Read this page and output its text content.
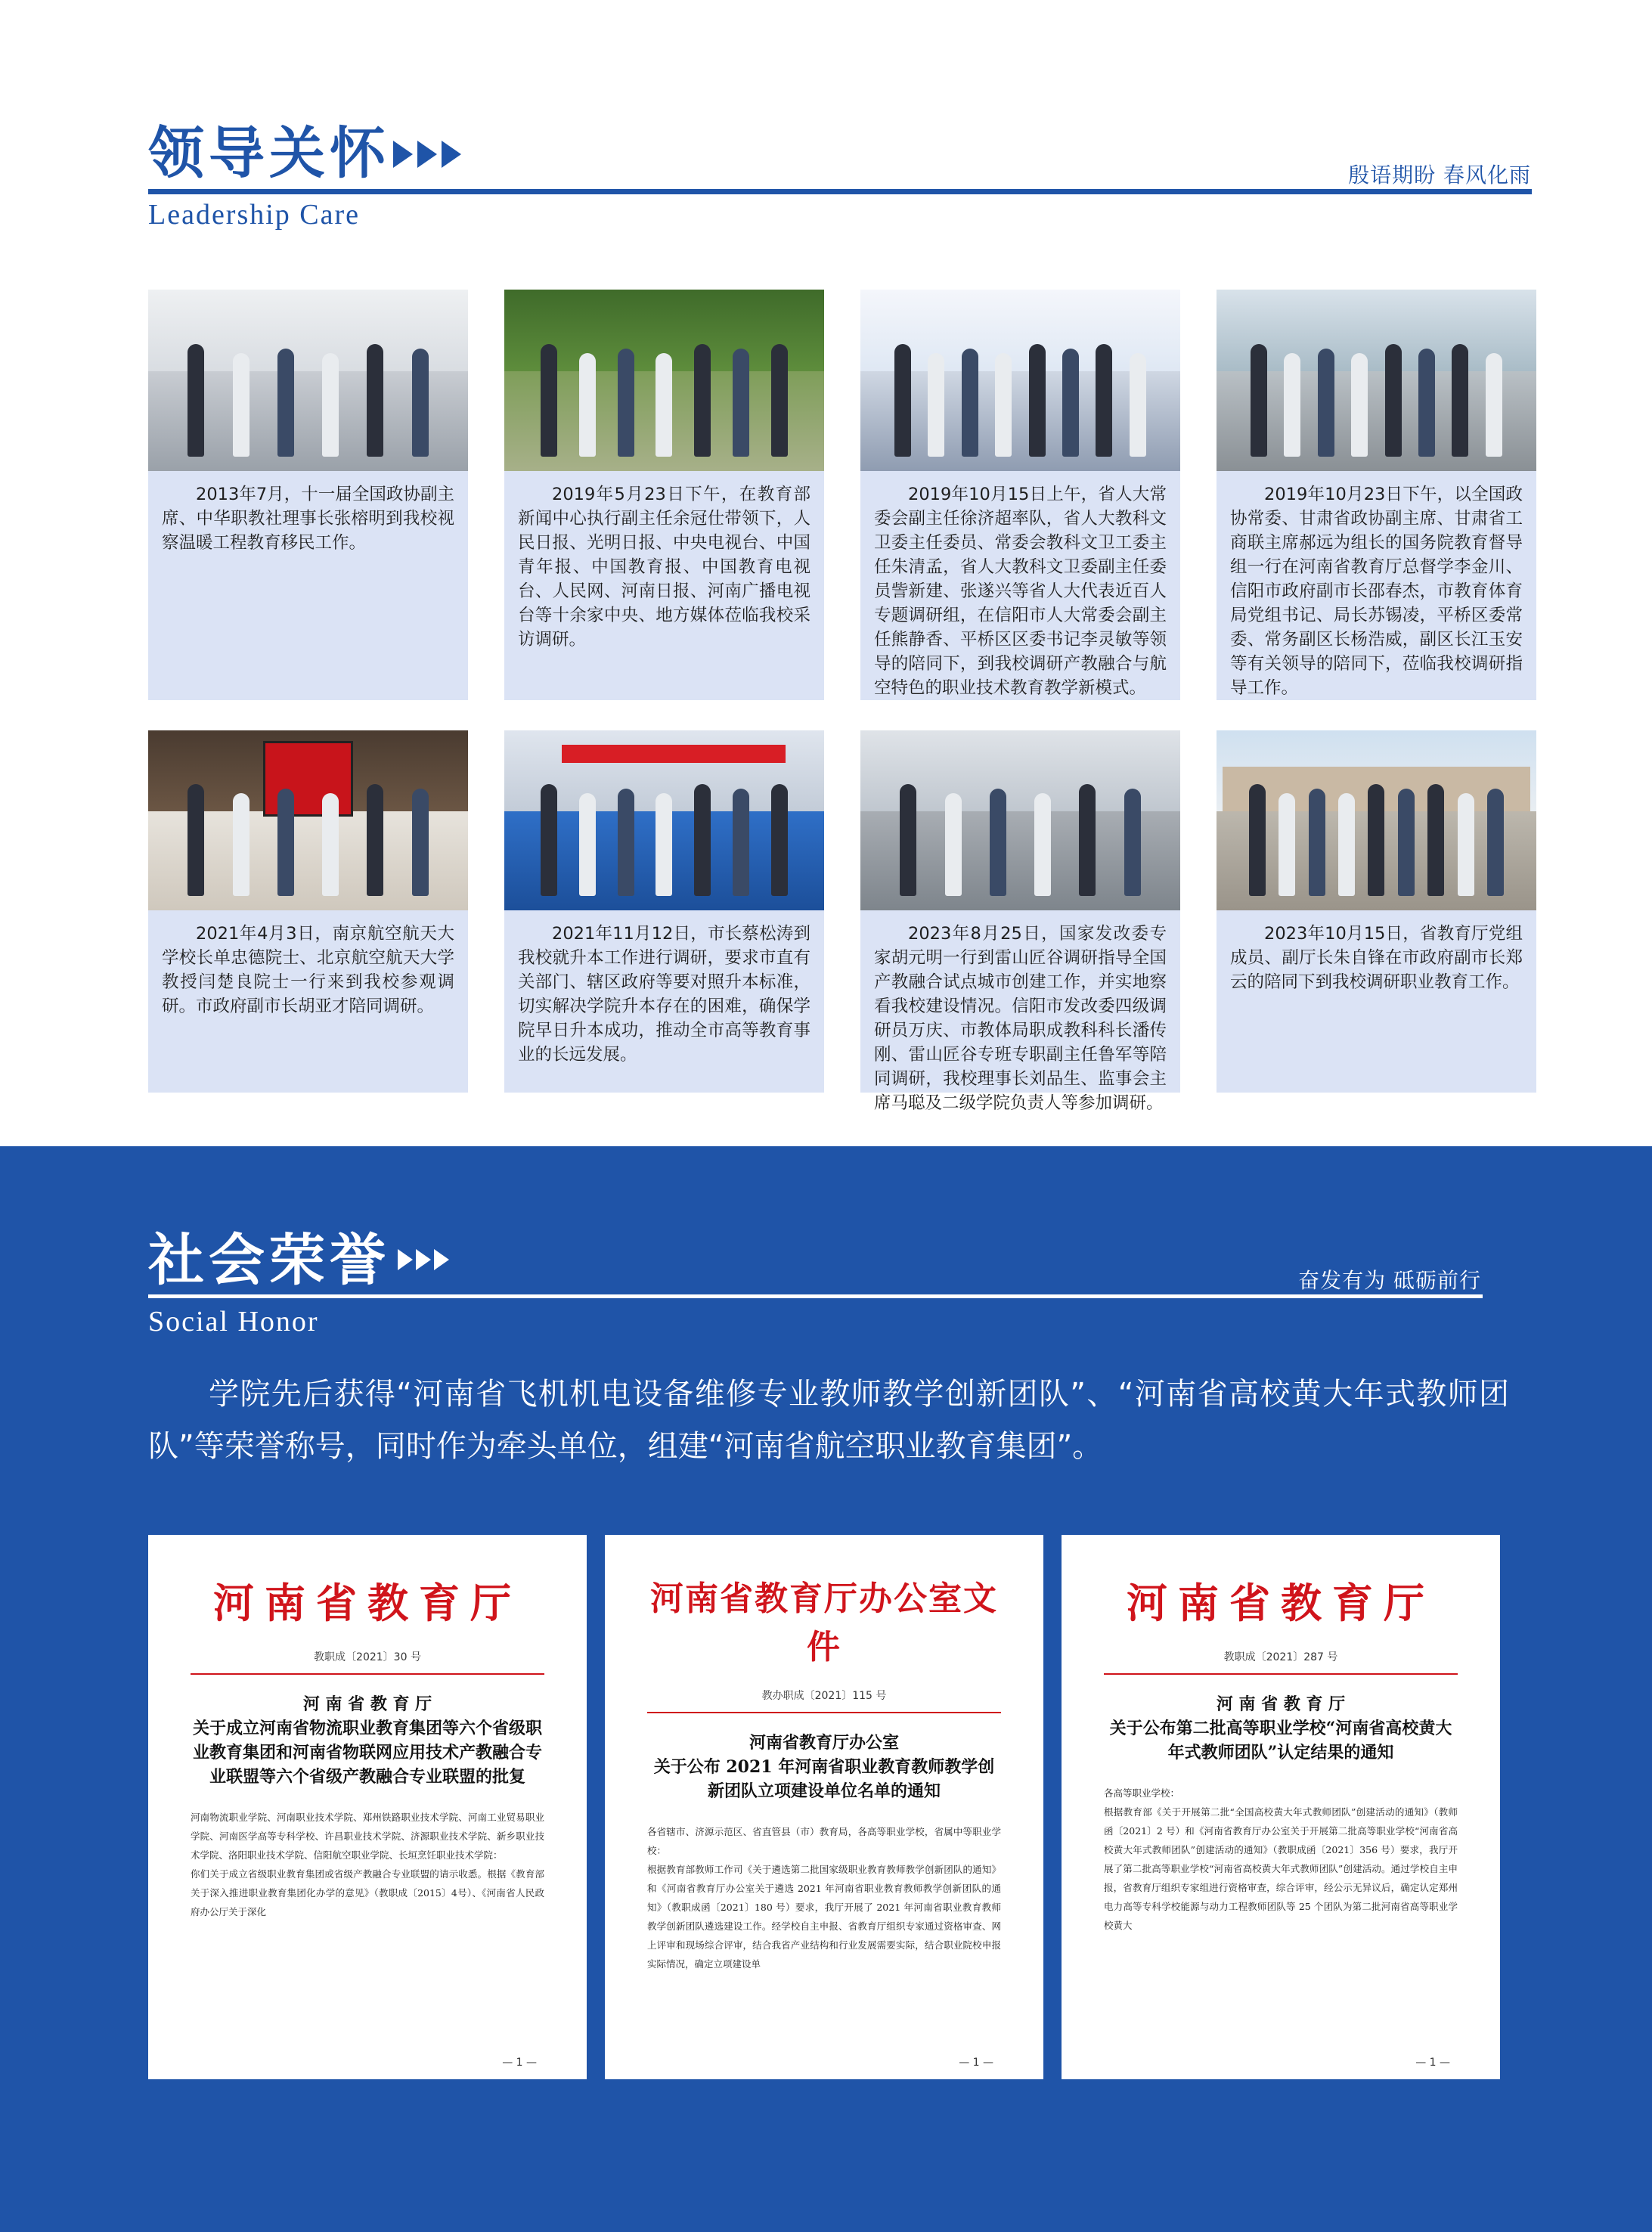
领导关怀
Leadership Care
殷语期盼 春风化雨
2013年7月，十一届全国政协副主席、中华职教社理事长张榕明到我校视察温暖工程教育移民工作。
2019年5月23日下午，在教育部新闻中心执行副主任余冠仕带领下，人民日报、光明日报、中央电视台、中国青年报、中国教育报、中国教育电视台、人民网、河南日报、河南广播电视台等十余家中央、地方媒体莅临我校采访调研。
2019年10月15日上午，省人大常委会副主任徐济超率队，省人大教科文卫委主任委员、常委会教科文卫工委主任朱清孟，省人大教科文卫委副主任委员訾新建、张遂兴等省人大代表近百人专题调研组，在信阳市人大常委会副主任熊静香、平桥区区委书记李灵敏等领导的陪同下，到我校调研产教融合与航空特色的职业技术教育教学新模式。
2019年10月23日下午，以全国政协常委、甘肃省政协副主席、甘肃省工商联主席郝远为组长的国务院教育督导组一行在河南省教育厅总督学李金川、信阳市政府副市长邵春杰，市教育体育局党组书记、局长苏锡凌，平桥区委常委、常务副区长杨浩威，副区长江玉安等有关领导的陪同下，莅临我校调研指导工作。
2021年4月3日，南京航空航天大学校长单忠德院士、北京航空航天大学教授闫楚良院士一行来到我校参观调研。市政府副市长胡亚才陪同调研。
2021年11月12日，市长蔡松涛到我校就升本工作进行调研，要求市直有关部门、辖区政府等要对照升本标准，切实解决学院升本存在的困难，确保学院早日升本成功，推动全市高等教育事业的长远发展。
2023年8月25日，国家发改委专家胡元明一行到雷山匠谷调研指导全国产教融合试点城市创建工作，并实地察看我校建设情况。信阳市发改委四级调研员万庆、市教体局职成教科科长潘传刚、雷山匠谷专班专职副主任鲁军等陪同调研，我校理事长刘品生、监事会主席马聪及二级学院负责人等参加调研。
2023年10月15日，省教育厅党组成员、副厅长朱自锋在市政府副市长郑云的陪同下到我校调研职业教育工作。
社会荣誉
Social Honor
奋发有为 砥砺前行
学院先后获得“河南省飞机机电设备维修专业教师教学创新团队”、“河南省高校黄大年式教师团队”等荣誉称号，同时作为牵头单位，组建“河南省航空职业教育集团”。
河南省教育厅
教职成〔2021〕30 号
河 南 省 教 育 厅
关于成立河南省物流职业教育集团等六个省级职业教育集团和河南省物联网应用技术产教融合专业联盟等六个省级产教融合专业联盟的批复
河南物流职业学院、河南职业技术学院、郑州铁路职业技术学院、河南工业贸易职业学院、河南医学高等专科学校、许昌职业技术学院、济源职业技术学院、新乡职业技术学院、洛阳职业技术学院、信阳航空职业学院、长垣烹饪职业技术学院：
你们关于成立省级职业教育集团或省级产教融合专业联盟的请示收悉。根据《教育部关于深入推进职业教育集团化办学的意见》（教职成〔2015〕4号）、《河南省人民政府办公厅关于深化
— 1 —
河南省教育厅办公室文件
教办职成〔2021〕115 号
河南省教育厅办公室
关于公布 2021 年河南省职业教育教师教学创新团队立项建设单位名单的通知
各省辖市、济源示范区、省直管县（市）教育局，各高等职业学校，省属中等职业学校：
根据教育部教师工作司《关于遴选第二批国家级职业教育教师教学创新团队的通知》和《河南省教育厅办公室关于遴选 2021 年河南省职业教育教师教学创新团队的通知》（教职成函〔2021〕180 号）要求，我厅开展了 2021 年河南省职业教育教师教学创新团队遴选建设工作。经学校自主申报、省教育厅组织专家通过资格审查、网上评审和现场综合评审，结合我省产业结构和行业发展需要实际，结合职业院校申报实际情况，确定立项建设单
— 1 —
河南省教育厅
教职成〔2021〕287 号
河 南 省 教 育 厅
关于公布第二批高等职业学校“河南省高校黄大年式教师团队”认定结果的通知
各高等职业学校：
根据教育部《关于开展第二批“全国高校黄大年式教师团队”创建活动的通知》（教师函〔2021〕2 号）和《河南省教育厅办公室关于开展第二批高等职业学校“河南省高校黄大年式教师团队”创建活动的通知》（教职成函〔2021〕356 号）要求，我厅开展了第二批高等职业学校“河南省高校黄大年式教师团队”创建活动。通过学校自主申报，省教育厅组织专家组进行资格审查，综合评审，经公示无异议后，确定认定郑州电力高等专科学校能源与动力工程教师团队等 25 个团队为第二批河南省高等职业学校黄大
— 1 —
